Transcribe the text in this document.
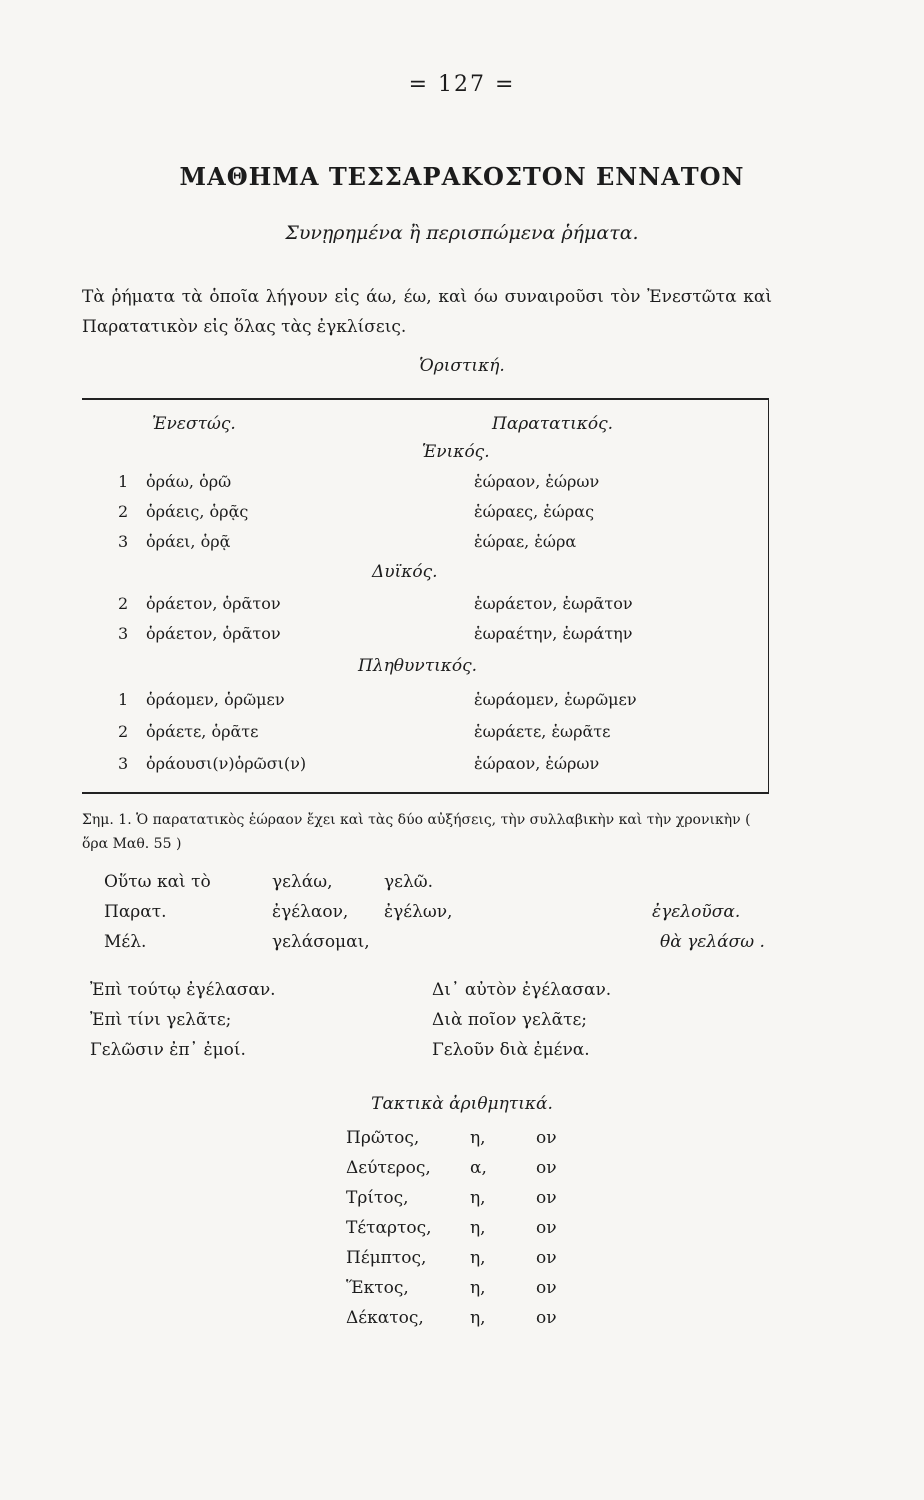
= 127 =
ΜΑΘΗΜΑ ΤΕΣΣΑΡΑΚΟΣΤΟΝ ΕΝΝΑΤΟΝ
Συνῃρημένα ἢ περισπώμενα ῥήματα.
Τὰ ῥήματα τὰ ὁποῖα λήγουν εἰς άω, έω, καὶ όω συναιροῦσι τὸν Ἐνεστῶτα καὶ Παρατατικὸν εἰς ὅλας τὰς ἐγκλίσεις.
Ὁριστική.
Ἐνεστώς.	Παρατατικός.
Ἑνικός.
1 ὁράω, ὁρῶ	ἑώραον, ἑώρων
2 ὁράεις, ὁρᾷς	ἑώραες, ἑώρας
3 ὁράει, ὁρᾷ	ἑώραε, ἑώρα
Δυϊκός.
2 ὁράετον, ὁρᾶτον	ἑωράετον, ἑωρᾶτον
3 ὁράετον, ὁρᾶτον	ἑωραέτην, ἑωράτην
Πληθυντικός.
1 ὁράομεν, ὁρῶμεν	ἑωράομεν, ἑωρῶμεν
2 ὁράετε, ὁρᾶτε	ἑωράετε, ἑωρᾶτε
3 ὁράουσι(ν)ὁρῶσι(ν)	ἑώραον, ἑώρων
Σημ. 1. Ὁ παρατατικὸς ἑώραον ἔχει καὶ τὰς δύο αὐξήσεις, τὴν συλλαβικὴν καὶ τὴν χρονικὴν ( ὅρα Μαθ. 55 )
Οὕτω καὶ τὸ	γελάω,	γελῶ.
Παρατ.	ἐγέλαον, ἐγέλων,	ἐγελοῦσα.
Μέλ.	γελάσομαι,	θὰ γελάσω .
Ἐπὶ τούτῳ ἐγέλασαν.	Δι᾽ αὐτὸν ἐγέλασαν.
Ἐπὶ τίνι γελᾶτε;	Διὰ ποῖον γελᾶτε;
Γελῶσιν ἐπ᾽ ἐμοί.	Γελοῦν διὰ ἐμένα.
Τακτικὰ ἀριθμητικά.
Πρῶτος,	η,	ον
Δεύτερος, α,	ον
Τρίτος,	η,	ον
Τέταρτος, η,	ον
Πέμπτος,	η,	ον
Ἕκτος,	η,	ον
Δέκατος,	η,	ον
